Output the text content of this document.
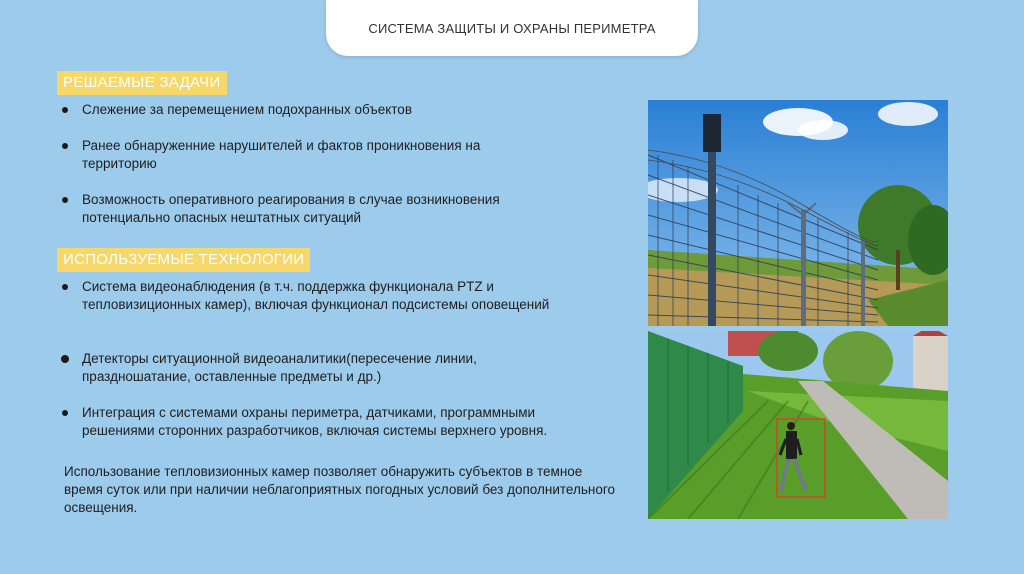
СИСТЕМА ЗАЩИТЫ И ОХРАНЫ ПЕРИМЕТРА
РЕШАЕМЫЕ ЗАДАЧИ
Слежение за перемещением подохранных объектов
Ранее обнаруженние нарушителей и фактов проникновения на территорию
Возможность оперативного реагирования в случае возникновения потенциально опасных нештатных ситуаций
ИСПОЛЬЗУЕМЫЕ ТЕХНОЛОГИИ
Система видеонаблюдения (в т.ч. поддержка функционала PTZ и тепловизиционных камер), включая функционал подсистемы оповещений
Детекторы ситуационной видеоаналитики(пересечение линии, праздношатание, оставленные предметы и др.)
Интеграция с системами охраны периметра, датчиками, программными решениями сторонних разработчиков, включая системы верхнего уровня.
Использование тепловизионных камер позволяет обнаружить субъектов в темное время суток или при наличии неблагоприятных погодных условий без дополнительного освещения.
